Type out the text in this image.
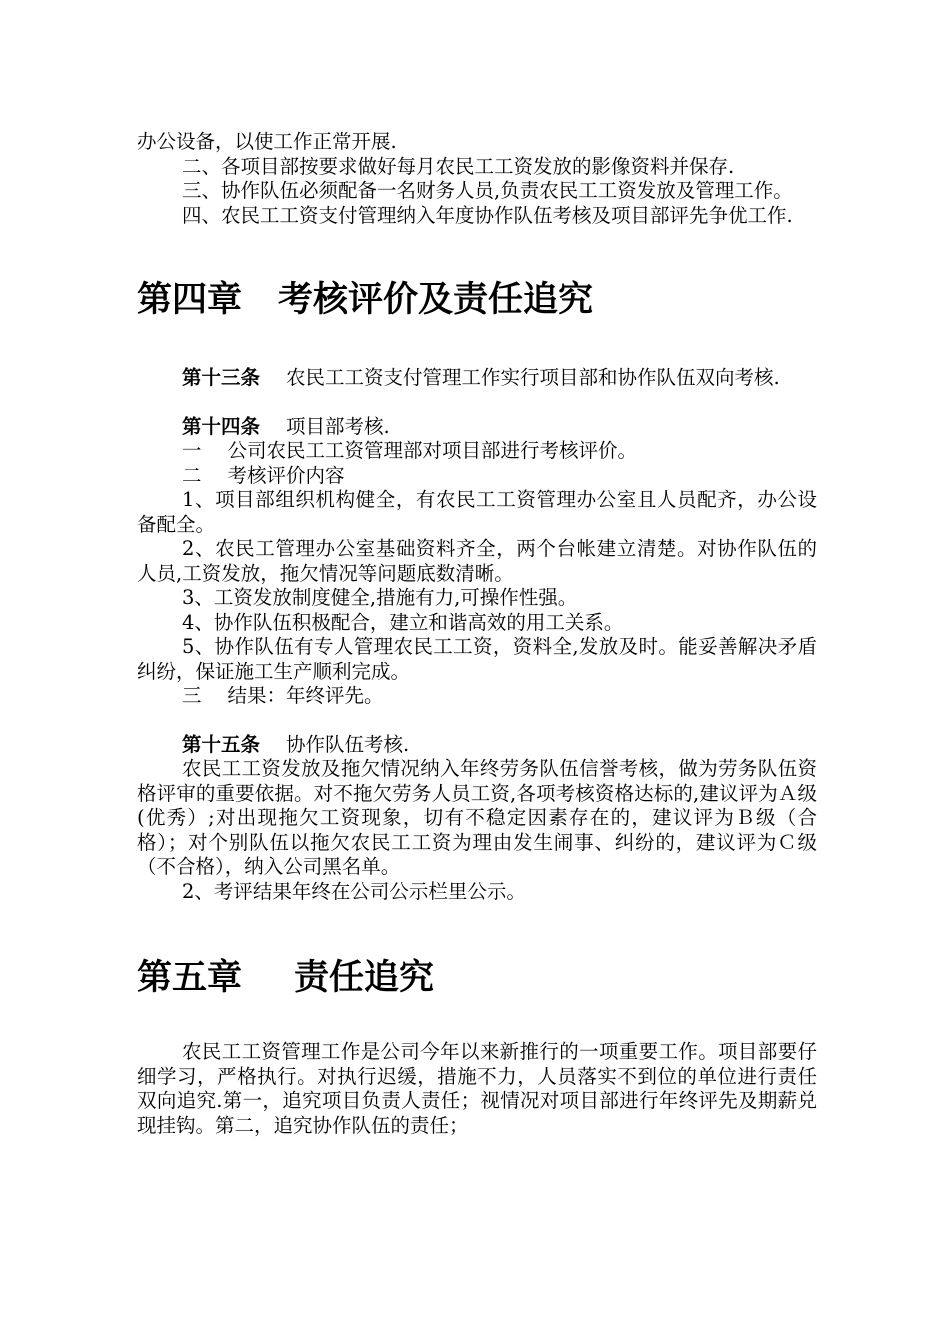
办公设备，以使工作正常开展.

二、各项目部按要求做好每月农民工工资发放的影像资料并保存.

三、协作队伍必须配备一名财务人员,负责农民工工资发放及管理工作。

四、农民工工资支付管理纳入年度协作队伍考核及项目部评先争优工作.

第四章 考核评价及责任追究

第十三条 农民工工资支付管理工作实行项目部和协作队伍双向考核.

第十四条 项目部考核.

一 公司农民工工资管理部对项目部进行考核评价。

二 考核评价内容

1、项目部组织机构健全，有农民工工资管理办公室且人员配齐，办公设备配全。

2、农民工管理办公室基础资料齐全，两个台帐建立清楚。对协作队伍的人员,工资发放，拖欠情况等问题底数清晰。

3、工资发放制度健全,措施有力,可操作性强。

4、协作队伍积极配合，建立和谐高效的用工关系。

5、协作队伍有专人管理农民工工资，资料全,发放及时。能妥善解决矛盾纠纷，保证施工生产顺利完成。

三 结果：年终评先。

第十五条 协作队伍考核.

农民工工资发放及拖欠情况纳入年终劳务队伍信誉考核，做为劳务队伍资格评审的重要依据。对不拖欠劳务人员工资,各项考核资格达标的,建议评为Ａ级(优秀）;对出现拖欠工资现象，切有不稳定因素存在的，建议评为Ｂ级（合格）；对个别队伍以拖欠农民工工资为理由发生闹事、纠纷的，建议评为Ｃ级（不合格），纳入公司黑名单。

2、考评结果年终在公司公示栏里公示。

第五章 责任追究

农民工工资管理工作是公司今年以来新推行的一项重要工作。项目部要仔细学习，严格执行。对执行迟缓，措施不力，人员落实不到位的单位进行责任双向追究.第一，追究项目负责人责任；视情况对项目部进行年终评先及期薪兑现挂钩。第二，追究协作队伍的责任；
